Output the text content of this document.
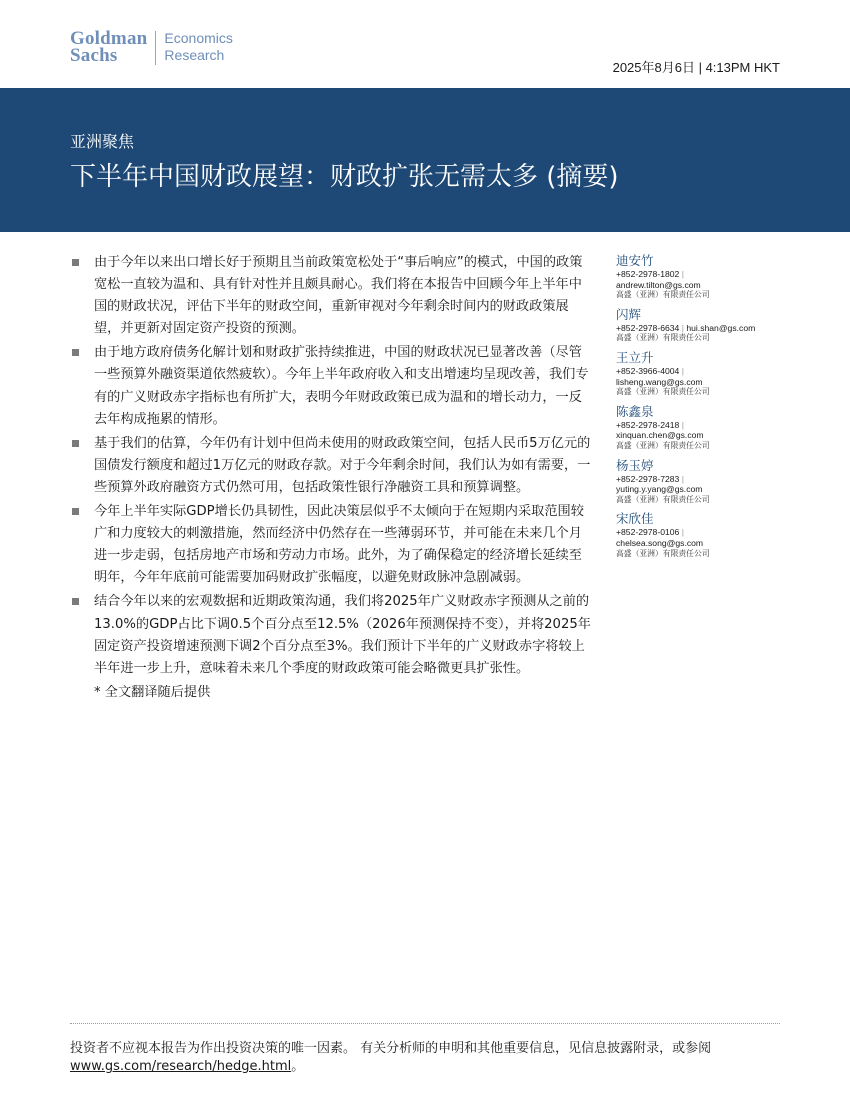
Goldman
Sachs
Economics
Research
2025年8月6日 | 4:13PM HKT
亚洲聚焦
下半年中国财政展望：财政扩张无需太多 (摘要)
由于今年以来出口增长好于预期且当前政策宽松处于“事后响应”的模式，中国的政策宽松一直较为温和、具有针对性并且颇具耐心。我们将在本报告中回顾今年上半年中国的财政状况，评估下半年的财政空间，重新审视对今年剩余时间内的财政政策展望，并更新对固定资产投资的预测。
由于地方政府债务化解计划和财政扩张持续推进，中国的财政状况已显著改善（尽管一些预算外融资渠道依然疲软）。今年上半年政府收入和支出增速均呈现改善，我们专有的广义财政赤字指标也有所扩大，表明今年财政政策已成为温和的增长动力，一反去年构成拖累的情形。
基于我们的估算，今年仍有计划中但尚未使用的财政政策空间，包括人民币5万亿元的国债发行额度和超过1万亿元的财政存款。对于今年剩余时间，我们认为如有需要，一些预算外政府融资方式仍然可用，包括政策性银行净融资工具和预算调整。
今年上半年实际GDP增长仍具韧性，因此决策层似乎不太倾向于在短期内采取范围较广和力度较大的刺激措施，然而经济中仍然存在一些薄弱环节，并可能在未来几个月进一步走弱，包括房地产市场和劳动力市场。此外，为了确保稳定的经济增长延续至明年，今年年底前可能需要加码财政扩张幅度，以避免财政脉冲急剧减弱。
结合今年以来的宏观数据和近期政策沟通，我们将2025年广义财政赤字预测从之前的13.0%的GDP占比下调0.5个百分点至12.5%（2026年预测保持不变），并将2025年固定资产投资增速预测下调2个百分点至3%。我们预计下半年的广义财政赤字将较上半年进一步上升，意味着未来几个季度的财政政策可能会略微更具扩张性。
* 全文翻译随后提供
迪安竹
+852-2978-1802 |
andrew.tilton@gs.com
高盛（亚洲）有限责任公司
闪辉
+852-2978-6634 | hui.shan@gs.com
高盛（亚洲）有限责任公司
王立升
+852-3966-4004 |
lisheng.wang@gs.com
高盛（亚洲）有限责任公司
陈鑫泉
+852-2978-2418 |
xinquan.chen@gs.com
高盛（亚洲）有限责任公司
杨玉婷
+852-2978-7283 |
yuting.y.yang@gs.com
高盛（亚洲）有限责任公司
宋欣佳
+852-2978-0106 |
chelsea.song@gs.com
高盛（亚洲）有限责任公司
投资者不应视本报告为作出投资决策的唯一因素。 有关分析师的申明和其他重要信息，见信息披露附录，或参阅
www.gs.com/research/hedge.html。
